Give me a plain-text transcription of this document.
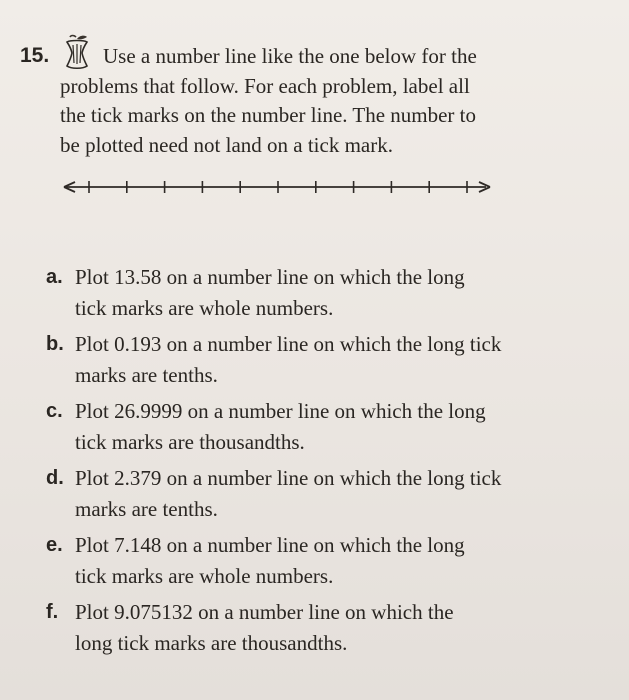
15.	Use a number line like the one below for the
problems that follow. For each problem, label all
the tick marks on the number line. The number to
be plotted need not land on a tick mark.
a. Plot 13.58 on a number line on which the long
tick marks are whole numbers.
b. Plot 0.193 on a number line on which the long tick
marks are tenths.
c. Plot 26.9999 on a number line on which the long
tick marks are thousandths.
d. Plot 2.379 on a number line on which the long tick
marks are tenths.
e. Plot 7.148 on a number line on which the long
tick marks are whole numbers.
f. Plot 9.075132 on a number line on which the
long tick marks are thousandths.
